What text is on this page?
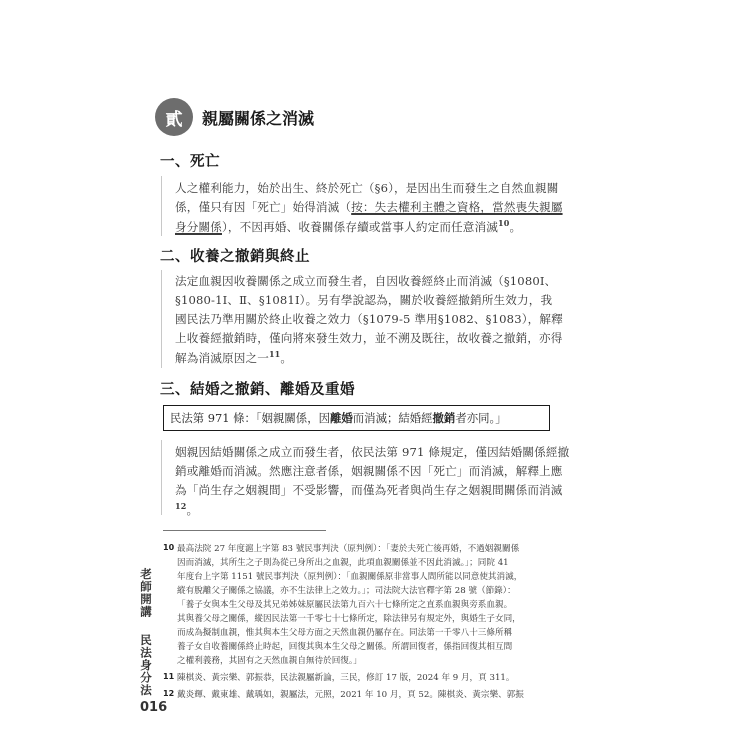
貳	親屬關係之消滅
一、死亡
人之權利能力，始於出生、終於死亡（§6），是因出生而發生之自然血親關
係，僅只有因「死亡」始得消滅（按：失去權利主體之資格，當然喪失親屬
身分關係），不因再婚、收養關係存續或當事人約定而任意消滅$^{10}$。
二、收養之撤銷與終止
法定血親因收養關係之成立而發生者，自因收養經終止而消滅（§1080Ⅰ、
§1080-1Ⅰ、Ⅱ、§1081Ⅰ）。另有學說認為，關於收養經撤銷所生效力，我
國民法乃準用關於終止收養之效力（§1079-5 準用§1082、§1083），解釋
上收養經撤銷時，僅向將來發生效力，並不溯及既往，故收養之撤銷，亦得
解為消滅原因之一$^{11}$。
三、結婚之撤銷、離婚及重婚
民法第 971 條：「姻親關係，因 離婚 而消滅；結婚經 撤銷 者亦同。」
姻親因結婚關係之成立而發生者，依民法第 971 條規定，僅因結婚關係經撤
銷或離婚而消滅。然應注意者係，姻親關係不因「死亡」而消滅，解釋上應
為「尚生存之姻親間」不受影響，而僅為死者與尚生存之姻親間關係而消滅
$^{12}$。
10 最高法院 27 年度滬上字第 83 號民事判決（原判例）：「妻於夫死亡後再婚，不過姻親關係
因而消滅，其所生之子則為從己身所出之血親，此項血親關係並不因此消滅。」；同院 41
年度台上字第 1151 號民事判決（原判例）：「血親關係原非當事人間所能以同意使其消滅，
縱有脫離父子關係之協議，亦不生法律上之效力。」；司法院大法官釋字第 28 號（節錄）：
「養子女與本生父母及其兄弟姊妹原屬民法第九百六十七條所定之直系血親與旁系血親。
其與養父母之關係，縱因民法第一千零七十七條所定，除法律另有規定外，與婚生子女同，
而成為擬制血親，惟其與本生父母方面之天然血親仍屬存在。同法第一千零八十三條所稱
養子女自收養關係終止時起，回復其與本生父母之關係。所謂回復者，係指回復其相互間
之權利義務，其固有之天然血親自無待於回復。」
11 陳棋炎、黃宗樂、郭振恭，民法親屬新論，三民，修訂 17 版，2024 年 9 月，頁 311。
12 戴炎輝、戴東雄、戴瑀如，親屬法，元照，2021 年 10 月，頁 52。陳棋炎、黃宗樂、郭振
老師開講
民法身分法
016
